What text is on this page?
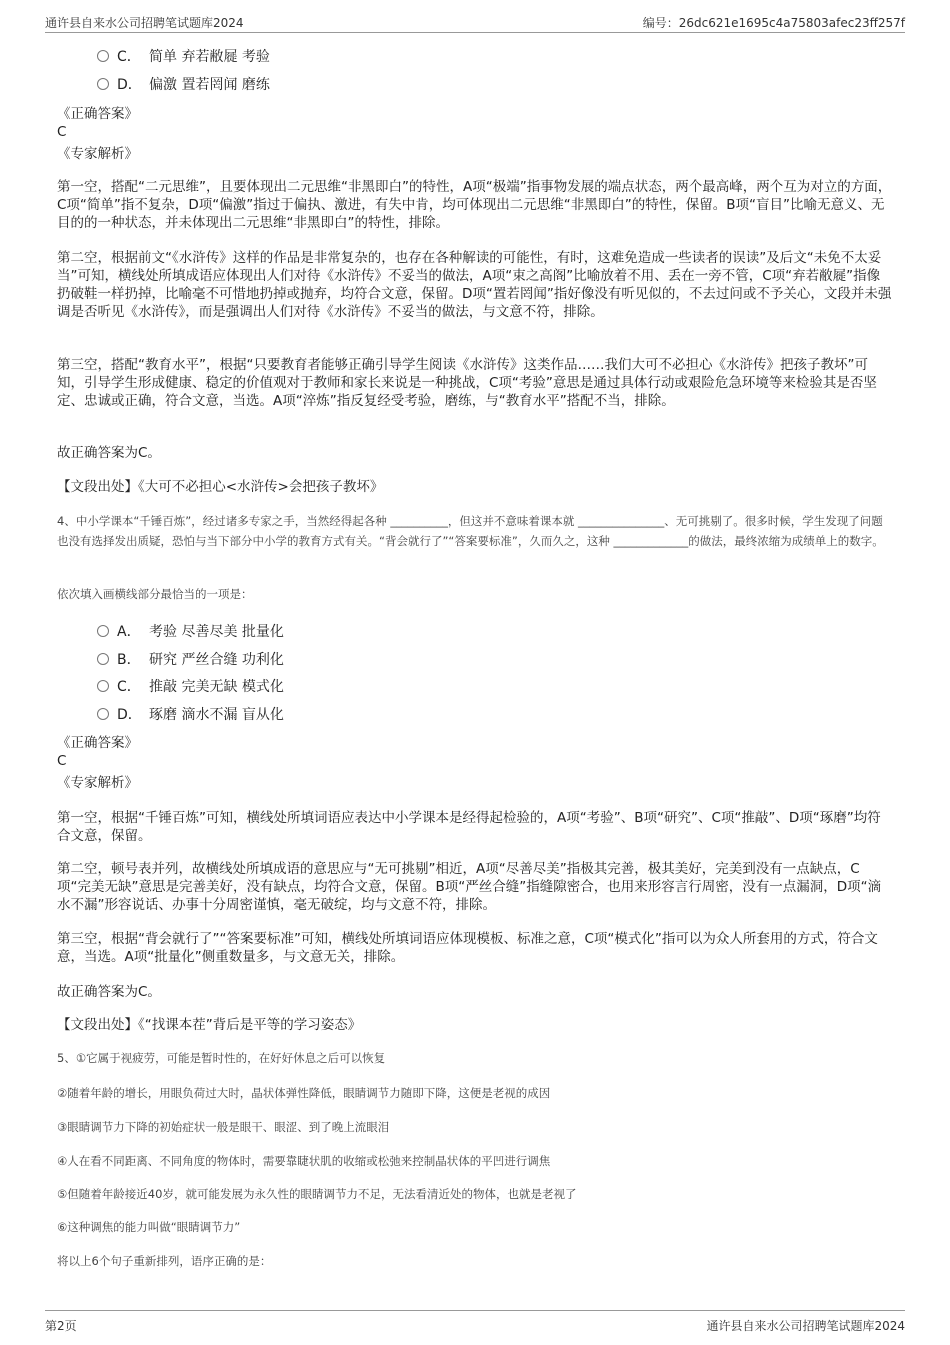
通许县自来水公司招聘笔试题库2024	编号：26dc621e1695c4a75803afec23ff257f
C． 简单 弃若敝屣 考验
D． 偏激 置若罔闻 磨练
《正确答案》
C
《专家解析》
第一空，搭配“二元思维”，且要体现出二元思维“非黑即白”的特性，A项“极端”指事物发展的端点状态，两个最高峰，两个互为对立的方面，C项“简单”指不复杂，D项“偏激”指过于偏执、激进，有失中肯，均可体现出二元思维“非黑即白”的特性，保留。B项“盲目”比喻无意义、无目的的一种状态，并未体现出二元思维“非黑即白”的特性，排除。
第二空，根据前文“《水浒传》这样的作品是非常复杂的，也存在各种解读的可能性，有时，这难免造成一些读者的误读”及后文“未免不太妥当”可知，横线处所填成语应体现出人们对待《水浒传》不妥当的做法，A项“束之高阁”比喻放着不用、丢在一旁不管，C项“弃若敝屣”指像扔破鞋一样扔掉，比喻毫不可惜地扔掉或抛弃，均符合文意，保留。D项“置若罔闻”指好像没有听见似的，不去过问或不予关心，文段并未强调是否听见《水浒传》，而是强调出人们对待《水浒传》不妥当的做法，与文意不符，排除。
第三空，搭配“教育水平”，根据“只要教育者能够正确引导学生阅读《水浒传》这类作品……我们大可不必担心《水浒传》把孩子教坏”可知，引导学生形成健康、稳定的价值观对于教师和家长来说是一种挑战，C项“考验”意思是通过具体行动或艰险危急环境等来检验其是否坚定、忠诚或正确，符合文意，当选。A项“淬炼”指反复经受考验，磨练，与“教育水平”搭配不当，排除。
故正确答案为C。
【文段出处】《大可不必担心<水浒传>会把孩子教坏》
4、中小学课本“千锤百炼”，经过诸多专家之手，当然经得起各种 __________，但这并不意味着课本就 _______________、无可挑剔了。很多时候，学生发现了问题也没有选择发出质疑，恐怕与当下部分中小学的教育方式有关。“背会就行了”“答案要标准”，久而久之，这种 _____________的做法，最终浓缩为成绩单上的数字。
依次填入画横线部分最恰当的一项是：
A． 考验 尽善尽美 批量化
B． 研究 严丝合缝 功利化
C． 推敲 完美无缺 模式化
D． 琢磨 滴水不漏 盲从化
《正确答案》
C
《专家解析》
第一空，根据“千锤百炼”可知，横线处所填词语应表达中小学课本是经得起检验的，A项“考验”、B项“研究”、C项“推敲”、D项“琢磨”均符合文意，保留。
第二空，顿号表并列，故横线处所填成语的意思应与“无可挑剔”相近，A项“尽善尽美”指极其完善，极其美好，完美到没有一点缺点，C项“完美无缺”意思是完善美好，没有缺点，均符合文意，保留。B项“严丝合缝”指缝隙密合，也用来形容言行周密，没有一点漏洞，D项“滴水不漏”形容说话、办事十分周密谨慎，毫无破绽，均与文意不符，排除。
第三空，根据“背会就行了”“答案要标准”可知，横线处所填词语应体现模板、标准之意，C项“模式化”指可以为众人所套用的方式，符合文意，当选。A项“批量化”侧重数量多，与文意无关，排除。
故正确答案为C。
【文段出处】《“找课本茬”背后是平等的学习姿态》
5、①它属于视疲劳，可能是暂时性的，在好好休息之后可以恢复
②随着年龄的增长，用眼负荷过大时，晶状体弹性降低，眼睛调节力随即下降，这便是老视的成因
③眼睛调节力下降的初始症状一般是眼干、眼涩、到了晚上流眼泪
④人在看不同距离、不同角度的物体时，需要靠睫状肌的收缩或松弛来控制晶状体的平凹进行调焦
⑤但随着年龄接近40岁，就可能发展为永久性的眼睛调节力不足，无法看清近处的物体，也就是老视了
⑥这种调焦的能力叫做“眼睛调节力”
将以上6个句子重新排列，语序正确的是：
第2页	通许县自来水公司招聘笔试题库2024
